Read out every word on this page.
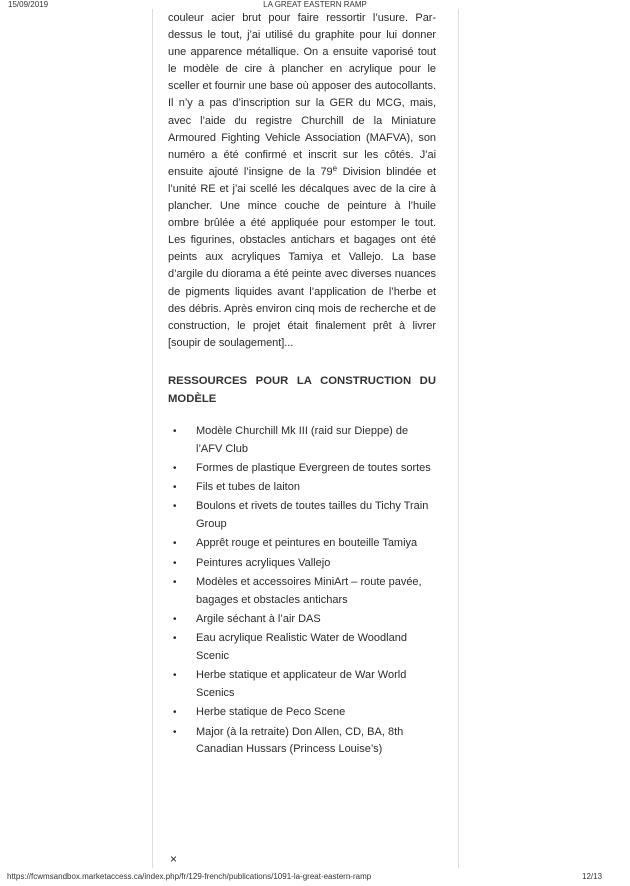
15/09/2019	LA GREAT EASTERN RAMP

couleur acier brut pour faire ressortir l’usure. Par-dessus le tout, j’ai utilisé du graphite pour lui donner une apparence métallique. On a ensuite vaporisé tout le modèle de cire à plancher en acrylique pour le sceller et fournir une base où apposer des autocollants. Il n’y a pas d’inscription sur la GER du MCG, mais, avec l’aide du registre Churchill de la Miniature Armoured Fighting Vehicle Association (MAFVA), son numéro a été confirmé et inscrit sur les côtés. J’ai ensuite ajouté l’insigne de la 79e Division blindée et l’unité RE et j’ai scellé les décalques avec de la cire à plancher. Une mince couche de peinture à l’huile ombre brûlée a été appliquée pour estomper le tout. Les figurines, obstacles antichars et bagages ont été peints aux acryliques Tamiya et Vallejo. La base d’argile du diorama a été peinte avec diverses nuances de pigments liquides avant l’application de l’herbe et des débris. Après environ cinq mois de recherche et de construction, le projet était finalement prêt à livrer [soupir de soulagement]...

RESSOURCES POUR LA CONSTRUCTION DU MODÈLE
• Modèle Churchill Mk III (raid sur Dieppe) de l’AFV Club
• Formes de plastique Evergreen de toutes sortes
• Fils et tubes de laiton
• Boulons et rivets de toutes tailles du Tichy Train Group
• Apprêt rouge et peintures en bouteille Tamiya
• Peintures acryliques Vallejo
• Modèles et accessoires MiniArt – route pavée, bagages et obstacles antichars
• Argile séchant à l’air DAS
• Eau acrylique Realistic Water de Woodland Scenic
• Herbe statique et applicateur de War World Scenics
• Herbe statique de Peco Scene
• Major (à la retraite) Don Allen, CD, BA, 8th Canadian Hussars (Princess Louise’s)
×
https://fcwmsandbox.marketaccess.ca/index.php/fr/129-french/publications/1091-la-great-eastern-ramp	12/13
